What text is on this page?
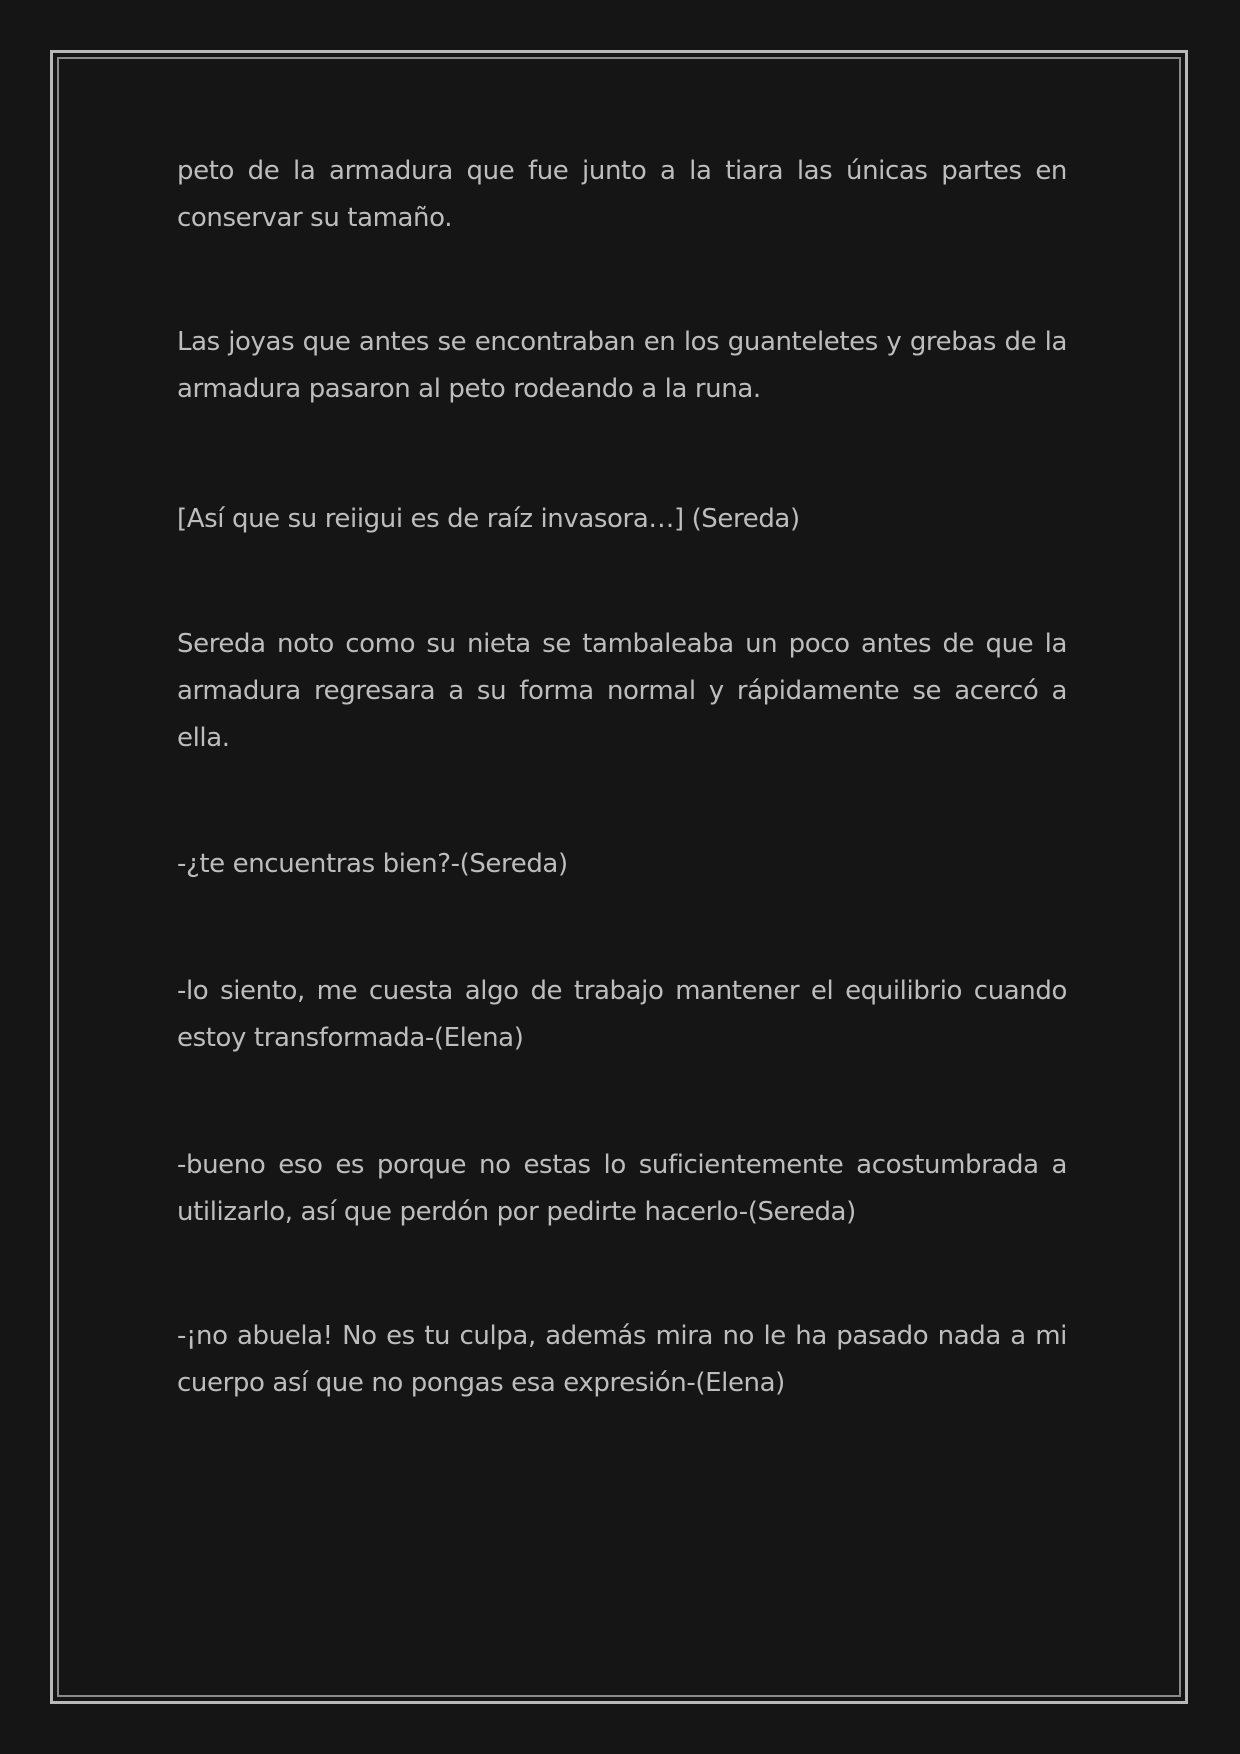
peto de la armadura que fue junto a la tiara las únicas partes en conservar su tamaño.

Las joyas que antes se encontraban en los guanteletes y grebas de la armadura pasaron al peto rodeando a la runa.

[Así que su reiigui es de raíz invasora…] (Sereda)

Sereda noto como su nieta se tambaleaba un poco antes de que la armadura regresara a su forma normal y rápidamente se acercó a ella.

-¿te encuentras bien?-(Sereda)

-lo siento, me cuesta algo de trabajo mantener el equilibrio cuando estoy transformada-(Elena)

-bueno eso es porque no estas lo suficientemente acostumbrada a utilizarlo, así que perdón por pedirte hacerlo-(Sereda)

-¡no abuela! No es tu culpa, además mira no le ha pasado nada a mi cuerpo así que no pongas esa expresión-(Elena)
